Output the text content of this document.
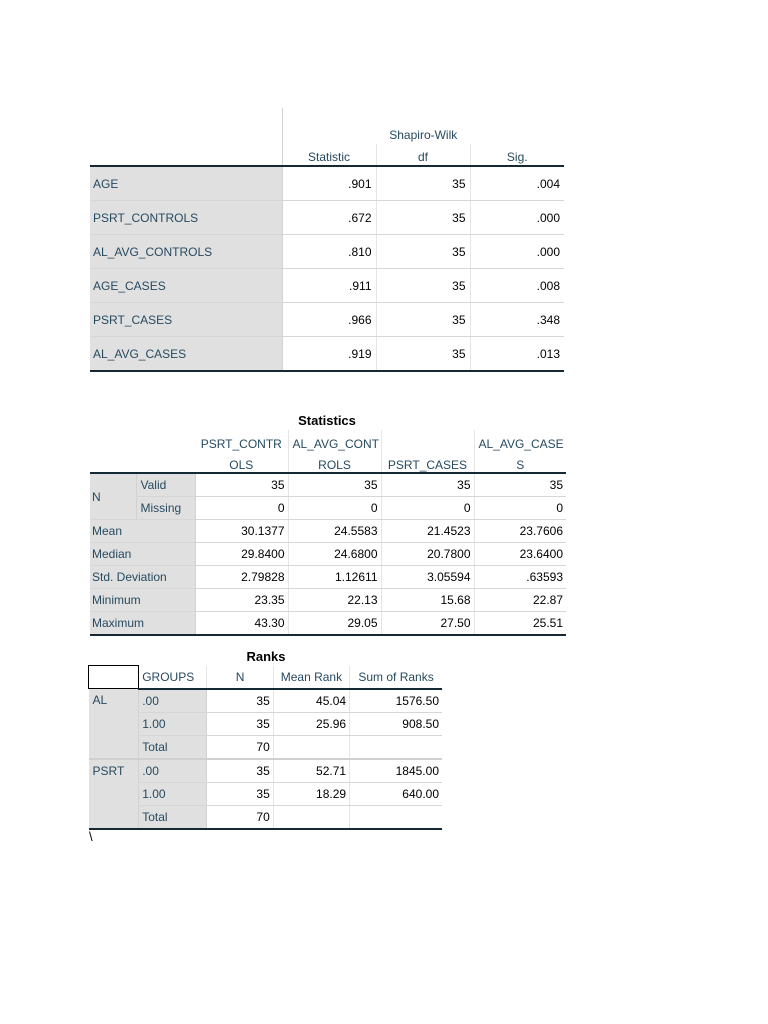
	Shapiro-Wilk		
	Statistic	df	Sig.
AGE	.901	35	.004
PSRT_CONTROLS	.672	35	.000
AL_AVG_CONTROLS	.810	35	.000
AGE_CASES	.911	35	.008
PSRT_CASES	.966	35	.348
AL_AVG_CASES	.919	35	.013
Statistics
		PSRT_CONTR	AL_AVG_CONT		AL_AVG_CASE
		OLS	ROLS	PSRT_CASES	S
N	Valid	35	35	35	35
	Missing	0	0	0	0
Mean		30.1377	24.5583	21.4523	23.7606
Median		29.8400	24.6800	20.7800	23.6400
Std. Deviation		2.79828	1.12611	3.05594	.63593
Minimum		23.35	22.13	15.68	22.87
Maximum		43.30	29.05	27.50	25.51
Ranks
	GROUPS	N	Mean Rank	Sum of Ranks
AL	.00	35	45.04	1576.50
	1.00	35	25.96	908.50
	Total	70		
PSRT	.00	35	52.71	1845.00
	1.00	35	18.29	640.00
	Total	70		
\
